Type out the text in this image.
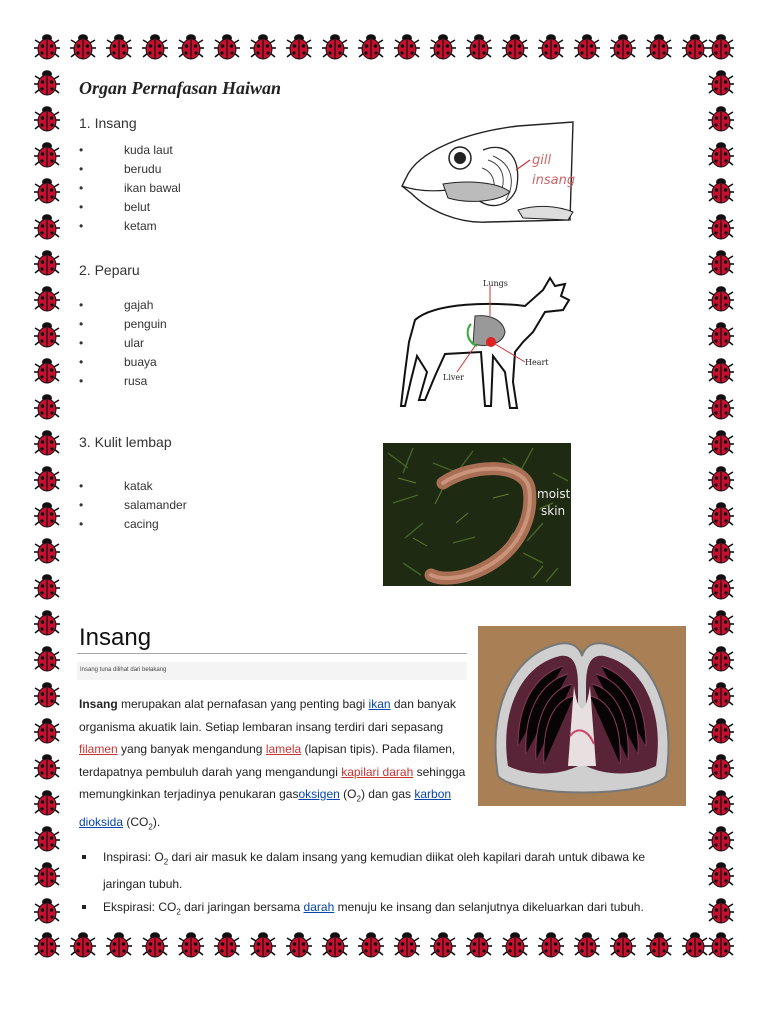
Organ Pernafasan Haiwan
1. Insang
• kuda laut
• berudu
• ikan bawal
• belut
• ketam
2. Peparu
• gajah
• penguin
• ular
• buaya
• rusa
3. Kulit lembap
• katak
• salamander
• cacing
gill
insang
Lungs
Heart
Liver
moist
skin
Insang
Insang tuna dilihat dari belakang
Insang merupakan alat pernafasan yang penting bagi ikan dan banyak organisma akuatik lain. Setiap lembaran insang terdiri dari sepasang filamen yang banyak mengandung lamela (lapisan tipis). Pada filamen, terdapatnya pembuluh darah yang mengandungi kapilari darah sehingga memungkinkan terjadinya penukaran gasoksigen $(O_2)$ dan gas karbon dioksida $(CO_2)$.
Inspirasi: $O_2$ dari air masuk ke dalam insang yang kemudian diikat oleh kapilari darah untuk dibawa ke jaringan tubuh.
Ekspirasi: $CO_2$ dari jaringan bersama darah menuju ke insang dan selanjutnya dikeluarkan dari tubuh.
